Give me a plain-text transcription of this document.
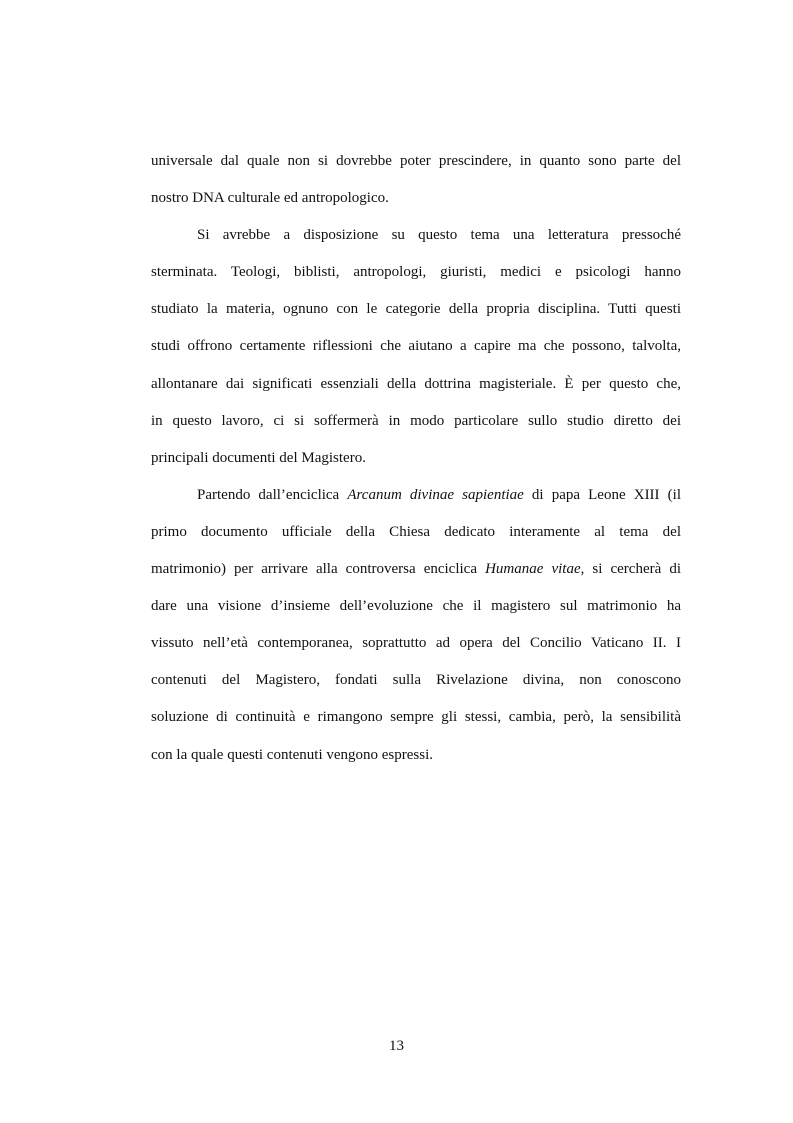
universale dal quale non si dovrebbe poter prescindere, in quanto sono parte del
nostro DNA culturale ed antropologico.
Si avrebbe a disposizione su questo tema una letteratura pressoché
sterminata. Teologi, biblisti, antropologi, giuristi, medici e psicologi hanno
studiato la materia, ognuno con le categorie della propria disciplina. Tutti questi
studi offrono certamente riflessioni che aiutano a capire ma che possono, talvolta,
allontanare dai significati essenziali della dottrina magisteriale. È per questo che,
in questo lavoro, ci si soffermerà in modo particolare sullo studio diretto dei
principali documenti del Magistero.
Partendo dall’enciclica Arcanum divinae sapientiae di papa Leone XIII (il
primo documento ufficiale della Chiesa dedicato interamente al tema del
matrimonio) per arrivare alla controversa enciclica Humanae vitae, si cercherà di
dare una visione d’insieme dell’evoluzione che il magistero sul matrimonio ha
vissuto nell’età contemporanea, soprattutto ad opera del Concilio Vaticano II. I
contenuti del Magistero, fondati sulla Rivelazione divina, non conoscono
soluzione di continuità e rimangono sempre gli stessi, cambia, però, la sensibilità
con la quale questi contenuti vengono espressi.
13
